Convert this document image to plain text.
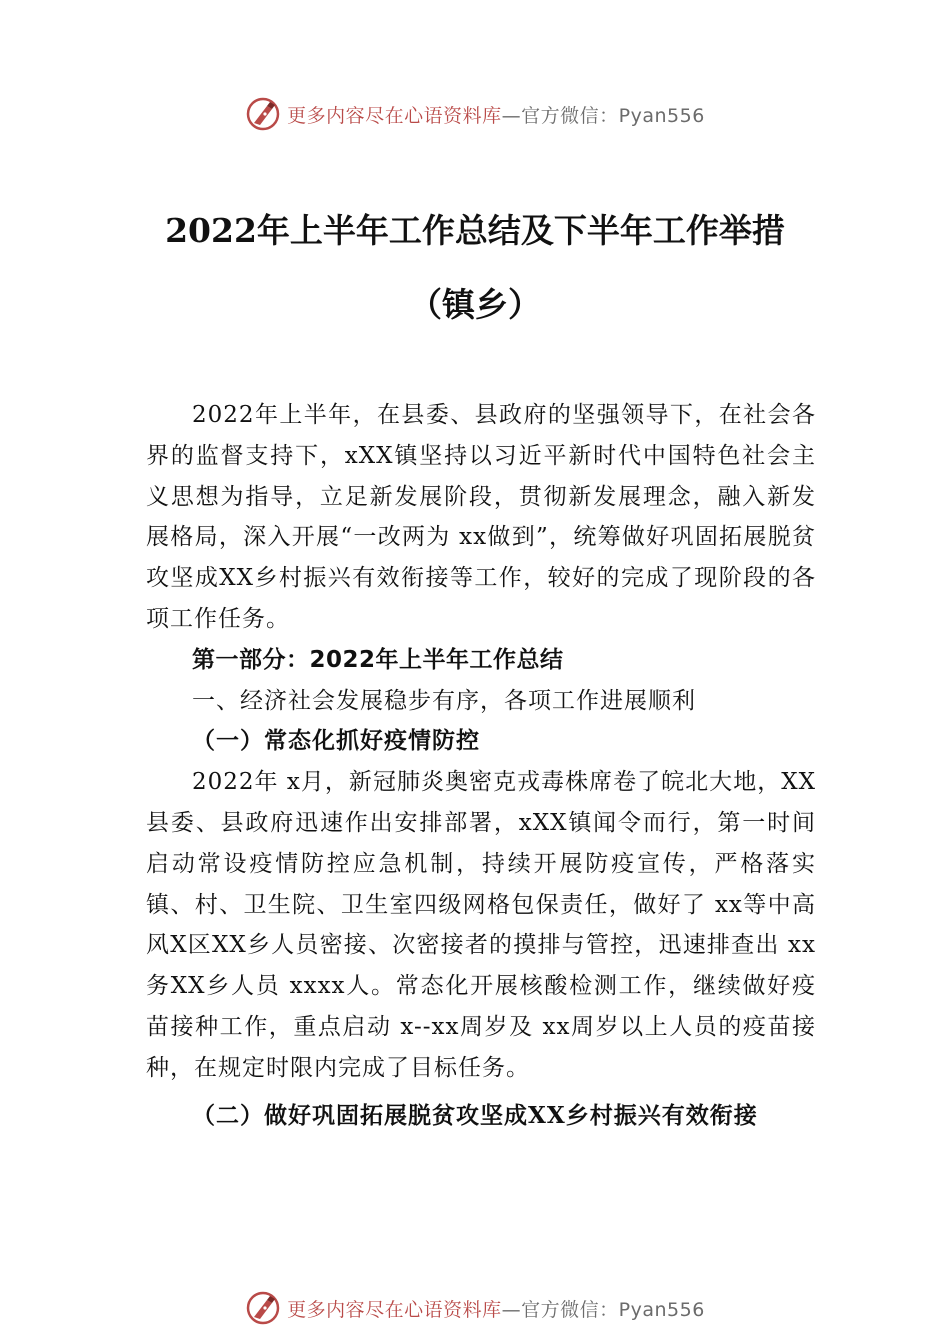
更多内容尽在心语资料库—官方微信：Pyan556
2022年上半年工作总结及下半年工作举措
（镇乡）

2022年上半年，在县委、县政府的坚强领导下，在社会各界的监督支持下，xXX镇坚持以习近平新时代中国特色社会主义思想为指导，立足新发展阶段，贯彻新发展理念，融入新发展格局，深入开展“一改两为 xx做到”，统筹做好巩固拓展脱贫攻坚成XX乡村振兴有效衔接等工作，较好的完成了现阶段的各项工作任务。

第一部分：2022年上半年工作总结

一、经济社会发展稳步有序，各项工作进展顺利

（一）常态化抓好疫情防控

2022年 x月，新冠肺炎奥密克戎毒株席卷了皖北大地，XX县委、县政府迅速作出安排部署，xXX镇闻令而行，第一时间启动常设疫情防控应急机制，持续开展防疫宣传，严格落实镇、村、卫生院、卫生室四级网格包保责任，做好了 xx等中高风X区XX乡人员密接、次密接者的摸排与管控，迅速排查出 xx务XX乡人员 xxxx人。常态化开展核酸检测工作，继续做好疫苗接种工作，重点启动 x--xx周岁及 xx周岁以上人员的疫苗接种，在规定时限内完成了目标任务。

（二）做好巩固拓展脱贫攻坚成XX乡村振兴有效衔接

更多内容尽在心语资料库—官方微信：Pyan556
